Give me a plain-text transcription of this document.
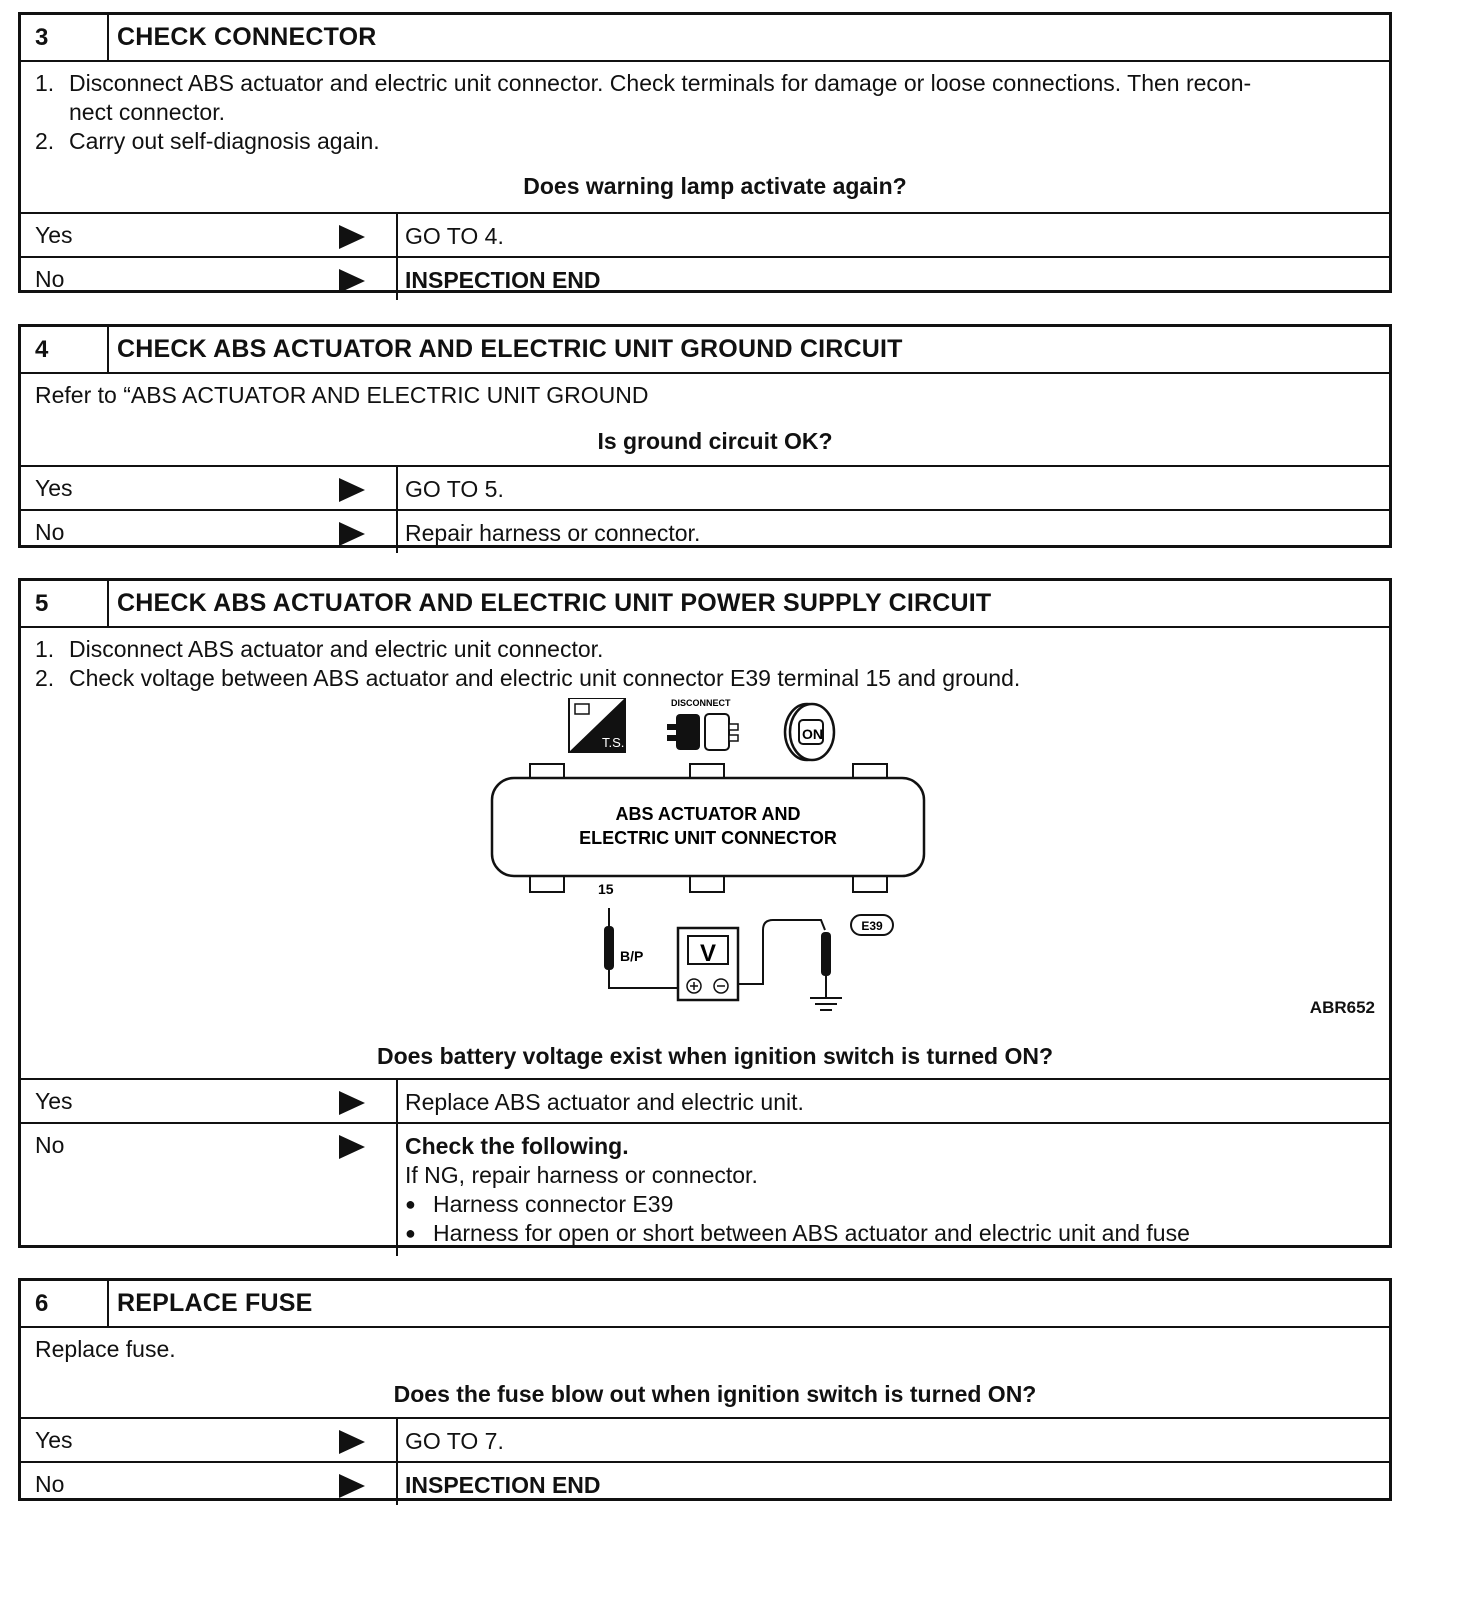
3	CHECK CONNECTOR
1. Disconnect ABS actuator and electric unit connector. Check terminals for damage or loose connections. Then recon-
nect connector.
2. Carry out self-diagnosis again.
Does warning lamp activate again?
Yes	GO TO 4.
No	INSPECTION END
4	CHECK ABS ACTUATOR AND ELECTRIC UNIT GROUND CIRCUIT
Refer to “ABS ACTUATOR AND ELECTRIC UNIT GROUND
Is ground circuit OK?
Yes	GO TO 5.
No	Repair harness or connector.
5	CHECK ABS ACTUATOR AND ELECTRIC UNIT POWER SUPPLY CIRCUIT
1. Disconnect ABS actuator and electric unit connector.
2. Check voltage between ABS actuator and electric unit connector E39 terminal 15 and ground.
T.S.
DISCONNECT
ON
ABS ACTUATOR AND
ELECTRIC UNIT CONNECTOR
15
B/P V
E39
ABR652
Does battery voltage exist when ignition switch is turned ON?
Yes	Replace ABS actuator and electric unit.
No	Check the following.
If NG, repair harness or connector.
● Harness connector E39
● Harness for open or short between ABS actuator and electric unit and fuse
6	REPLACE FUSE
Replace fuse.
Does the fuse blow out when ignition switch is turned ON?
Yes	GO TO 7.
No	INSPECTION END
